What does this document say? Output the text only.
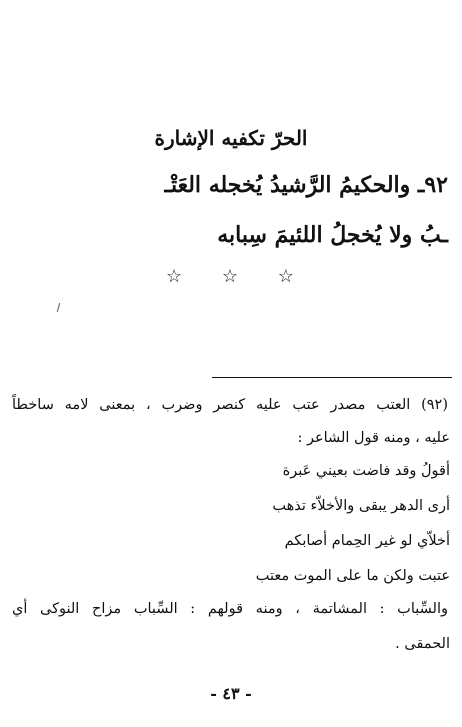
الحرّ تكفيه الإشارة
٩٢ـ والحكيمُ الرَّشيدُ يُخجله العَتْـ
ـبُ ولا يُخجلُ اللئيمَ سِبابه
☆ ☆ ☆
(٩٢) العتب مصدر عتب عليه كنصر وضرب ، بمعنى لامه ساخطاً
عليه ، ومنه قول الشاعر :
أقولُ وقد فاضت بعيني عَبرة
أرى الدهر يبقى والأخلاّء تذهب
أخلاّي لو غير الحِمام أصابكم
عتبت ولكن ما على الموت معتب
والسِّباب : المشاتمة ، ومنه قولهم : السِّباب مزاح النوكى أي
الحمقى .
- ٤٣ -
